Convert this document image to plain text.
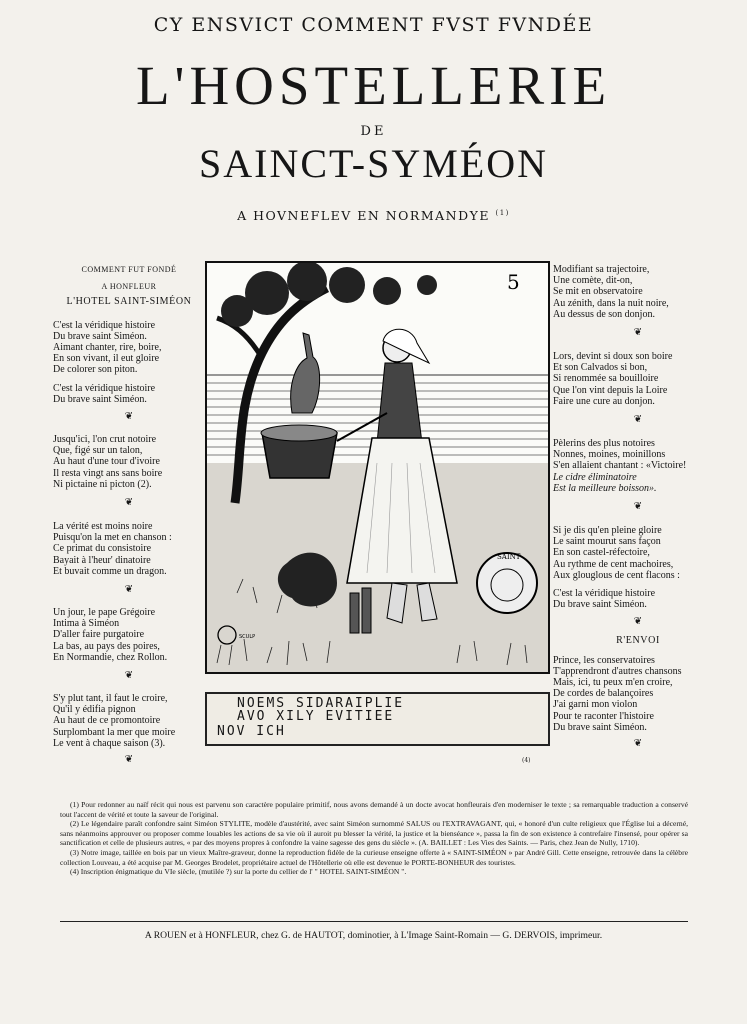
CY ENSVICT COMMENT FVST FVNDÉE
L'HOSTELLERIE
DE
SAINCT-SYMÉON
A HOVNEFLEV EN NORMANDYE $^{(1)}$
COMMENT FUT FONDÉ
A HONFLEUR
L'HOTEL SAINT-SIMÉON

C'est la véridique histoire

Du brave saint Siméon.

Aimant chanter, rire, boire,

En son vivant, il eut gloire

De colorer son piton.

C'est la véridique histoire

Du brave saint Siméon.

❦

Jusqu'ici, l'on crut notoire

Que, figé sur un talon,

Au haut d'une tour d'ivoire

Il resta vingt ans sans boire

Ni pictaine ni picton (2).

❦

La vérité est moins noire

Puisqu'on la met en chanson :

Ce primat du consistoire

Bayait à l'heur' dinatoire

Et buvait comme un dragon.

❦

Un jour, le pape Grégoire

Intima à Siméon

D'aller faire purgatoire

La bas, au pays des poires,

En Normandie, chez Rollon.

❦

S'y plut tant, il faut le croire,

Qu'il y édifia pignon

Au haut de ce promontoire

Surplombant la mer que moire

Le vent à chaque saison (3).

❦
SAINT
SCULP
5
NOEMS SIDARAIPLIE
AVO XILY EVITIEE
NOV ICH
(4)

Modifiant sa trajectoire,

Une comète, dit-on,

Se mit en observatoire

Au zénith, dans la nuit noire,

Au dessus de son donjon.

❦

Lors, devint si doux son boire

Et son Calvados si bon,

Si renommée sa bouilloire

Que l'on vint depuis la Loire

Faire une cure au donjon.

❦

Pèlerins des plus notoires

Nonnes, moines, moinillons

S'en allaient chantant : «Victoire!

Le cidre éliminatoire

Est la meilleure boisson».

❦

Si je dis qu'en pleine gloire

Le saint mourut sans façon

En son castel-réfectoire,

Au rythme de cent machoires,

Aux glouglous de cent flacons :

C'est la véridique histoire

Du brave saint Siméon.

❦
R'ENVOI

Prince, les conservatoires

T'apprendront d'autres chansons

Mais, ici, tu peux m'en croire,

De cordes de balançoires

J'ai garni mon violon

Pour te raconter l'histoire

Du brave saint Siméon.

❦

(1) Pour redonner au naïf récit qui nous est parvenu son caractère populaire primitif, nous avons demandé à un docte avocat honfleurais d'en moderniser le texte ; sa remarquable traduction a conservé tout l'accent de vérité et toute la saveur de l'original.

(2) Le légendaire paraît confondre saint Siméon STYLITE, modèle d'austérité, avec saint Siméon surnommé SALUS ou l'EXTRAVAGANT, qui, « honoré d'un culte religieux que l'Église lui a décerné, sans néanmoins approuver ou proposer comme louables les actions de sa vie où il auroit pu blesser la vérité, la justice et la bienséance », passa la fin de son existence à contrefaire l'insensé, pour opérer sa sanctification et celle de plusieurs autres, « par des moyens propres à confondre la vaine sagesse des gens du siècle ». (A. BAILLET : Les Vies des Saints. — Paris, chez Jean de Nully, 1710).

(3) Notre image, taillée en bois par un vieux Maître-graveur, donne la reproduction fidèle de la curieuse enseigne offerte à « SAINT-SIMÉON » par André Gill. Cette enseigne, retrouvée dans la célèbre collection Louveau, a été acquise par M. Georges Brodelet, propriétaire actuel de l'Hôtellerie où elle est devenue le PORTE-BONHEUR des touristes.

(4) Inscription énigmatique du VIe siècle, (mutilée ?) sur la porte du cellier de l' " HOTEL SAINT-SIMÉON ".

A ROUEN et à HONFLEUR, chez G. de HAUTOT, dominotier, à L'Image Saint-Romain — G. DERVOIS, imprimeur.
